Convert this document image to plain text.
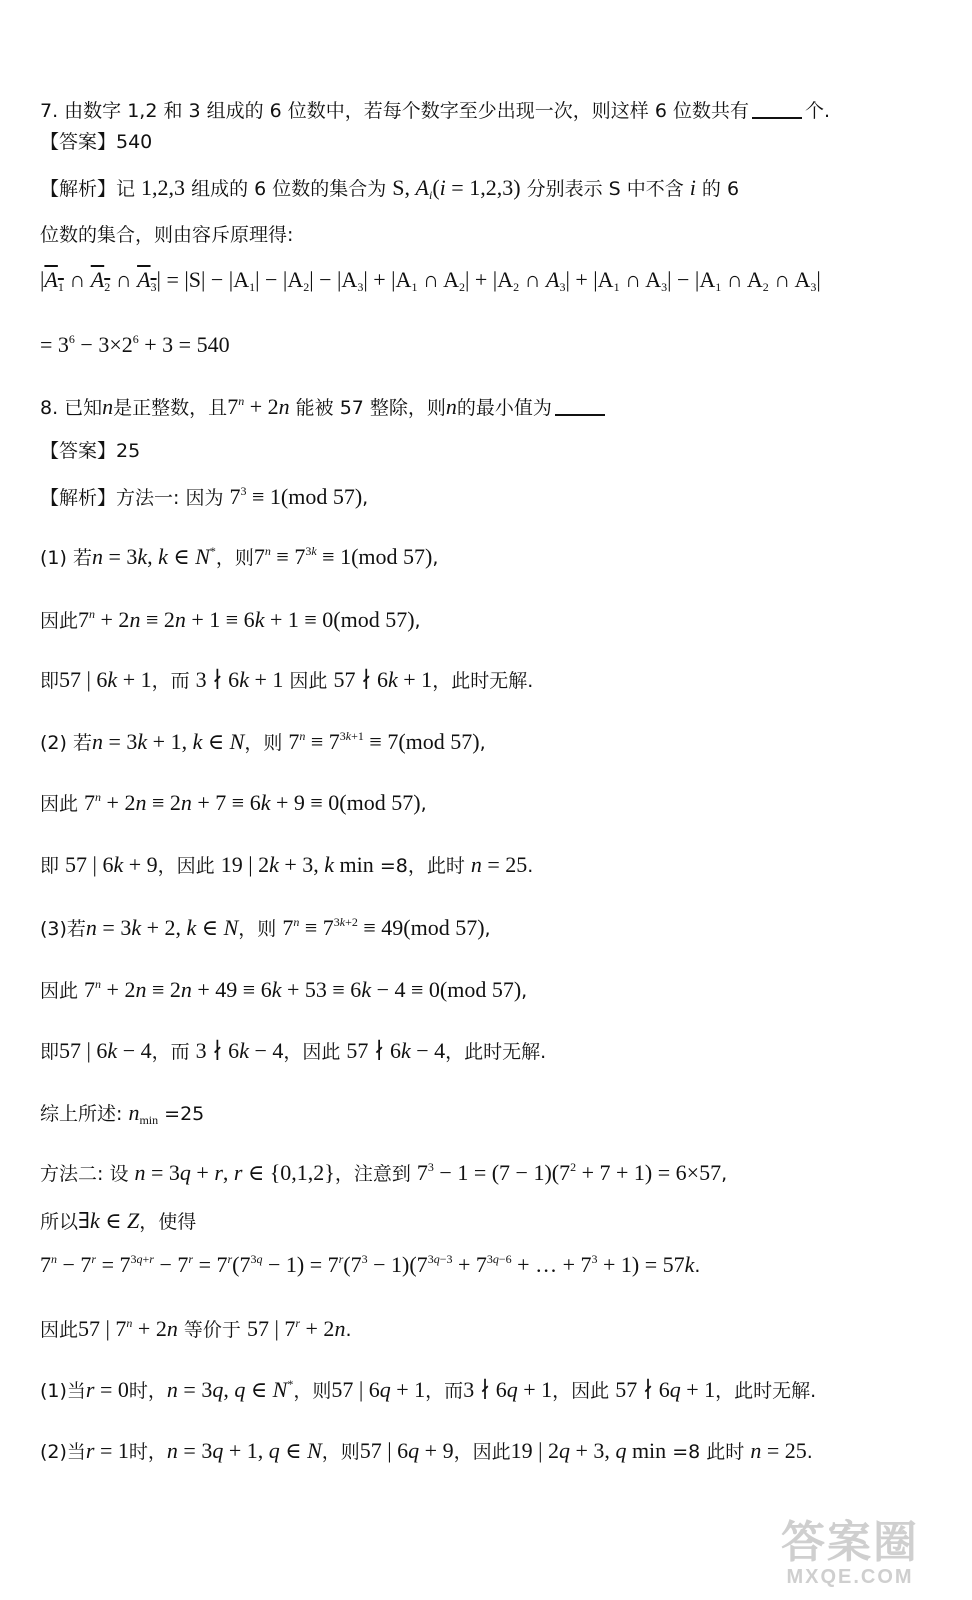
7. 由数字 1,2 和 3 组成的 6 位数中，若每个数字至少出现一次，则这样 6 位数共有	个.
【答案】540
【解析】记 1,2,3 组成的 6 位数的集合为 S, $A_i(i = 1,2,3)$ 分别表示 S 中不含 i 的 6
位数的集合，则由容斥原理得:
$|A_1$ ∩ $A_2$ ∩ $A_3| = |S| - |A_1| - |A_2| - |A_3| + |A_1$ ∩ $A_2| + |A_2$ ∩ $A_3| + |A_1$ ∩ $A_3| - |A_1$ ∩ $A_2$ ∩ $A_3|$
= $3^6 - 3\times 2^6 + 3 = 540$
8. 已知n是正整数，且$7^n + 2n$ 能被 57 整除，则n的最小值为
【答案】25
【解析】方法一: 因为 $7^3 \equiv 1(mod$ 57),
(1) 若n = 3k, k ∈ N*，则$7^n \equiv 7^{3k} \equiv 1(mod$ 57),
因此$7^n + 2n \equiv 2n + 1 \equiv 6k + 1 \equiv 0(mod$ 57),
即57 | 6k + 1，而 3 ∤ 6k + 1 因此 57 ∤ 6k + 1，此时无解.
(2) 若n = 3k + 1, k ∈ N，则 $7^n \equiv 7^{3k+1} \equiv 7(mod$ 57),
因此 $7^n + 2n \equiv 2n + 7 \equiv 6k + 9 \equiv 0(mod$ 57),
即 57 | 6k + 9，因此 19 | 2k + 3, k min =8，此时 n = 25.
(3)若n = 3k + 2, k ∈ N，则 $7^n \equiv 7^{3k+2} \equiv 49(mod$ 57),
因此 $7^n + 2n \equiv 2n + 49 \equiv 6k + 53 \equiv 6k - 4 \equiv 0(mod$ 57),
即57 | 6k − 4，而 3 ∤ 6k − 4，因此 57 ∤ 6k − 4，此时无解.
综上所述: $n_{min} =25$
方法二: 设 n = 3q + r, r ∈ {0,1,2}，注意到 $7^3 - 1 = (7 - 1)(7^2 + 7 + 1) = 6\times 57$,
所以∃k ∈ Z，使得
$7^n - 7^r = 7^{3q+r} - 7^r = 7^r(7^{3q} - 1) = 7^r(7^3 - 1)(7^{3q-3} + 7^{3q-6}$ + … + $7^3 + 1) = 57k$.
因此57 | $7^n + 2n$ 等价于 57 | $7^r + 2n$.
(1)当r = 0时，n = 3q, q ∈ N*，则57 | 6q + 1，而3 ∤ 6q + 1，因此 57 ∤ 6q + 1，此时无解.
(2)当r = 1时，n = 3q + 1, q ∈ N，则57 | 6q + 9，因此19 | 2q + 3, q min =8 此时 n = 25.
答案圈
MXQE.COM
